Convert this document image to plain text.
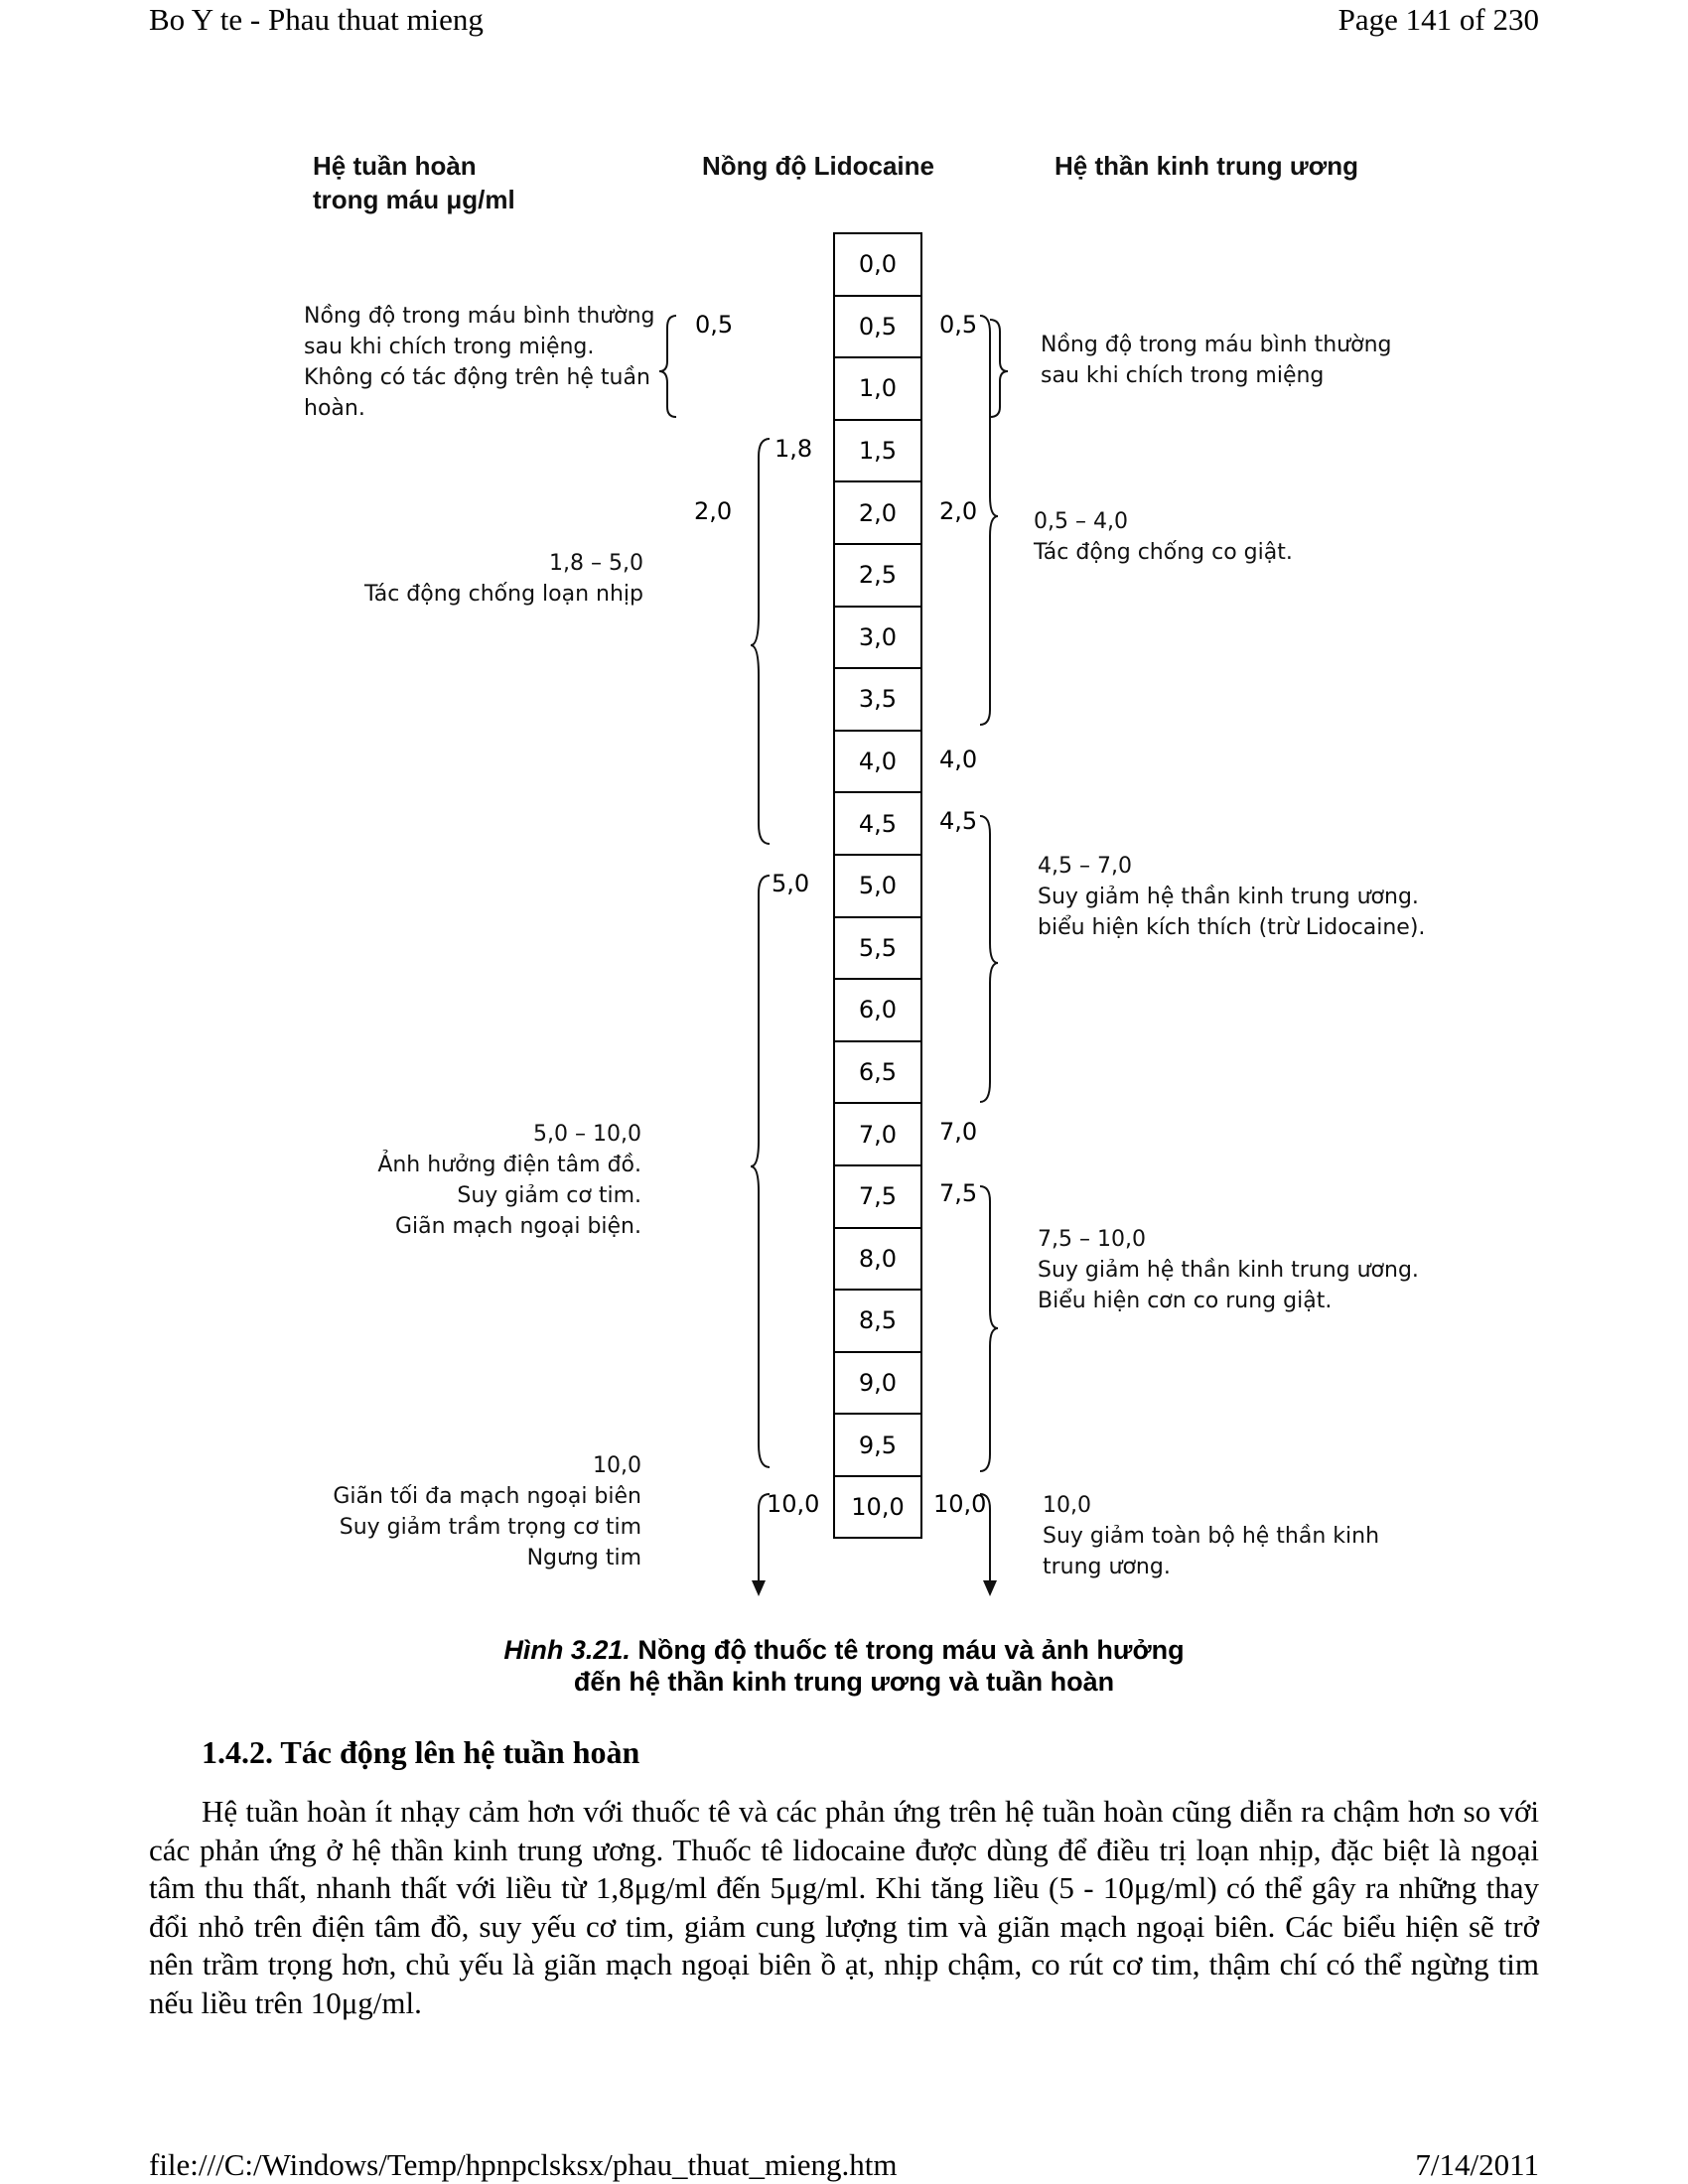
Bo Y te - Phau thuat mieng	Page 141 of 230
Hệ tuần hoàn
trong máu μg/ml
Nồng độ Lidocaine	Hệ thần kinh trung ương
0,0
0,5
1,0
1,5
2,0
2,5
3,0
3,5
4,0
4,5
5,0
5,5
6,0
6,5
7,0
7,5
8,0
8,5
9,0
9,5
10,0
0,5
1,8
2,0
5,0
10,0
0,5
2,0
4,0
4,5
7,0
7,5
10,0
Nồng độ trong máu bình thường
sau khi chích trong miệng.
Không có tác động trên hệ tuần
hoàn.
1,8 – 5,0
Tác động chống loạn nhịp
5,0 – 10,0
Ảnh hưởng điện tâm đồ.
Suy giảm cơ tim.
Giãn mạch ngoại biện.
10,0
Giãn tối đa mạch ngoại biên
Suy giảm trầm trọng cơ tim
Ngưng tim
Nồng độ trong máu bình thường
sau khi chích trong miệng
0,5 – 4,0
Tác động chống co giật.
4,5 – 7,0
Suy giảm hệ thần kinh trung ương.
biểu hiện kích thích (trừ Lidocaine).
7,5 – 10,0
Suy giảm hệ thần kinh trung ương.
Biểu hiện cơn co rung giật.
10,0
Suy giảm toàn bộ hệ thần kinh
trung ương.
Hình 3.21. Nồng độ thuốc tê trong máu và ảnh hưởng
đến hệ thần kinh trung ương và tuần hoàn
1.4.2. Tác động lên hệ tuần hoàn

Hệ tuần hoàn ít nhạy cảm hơn với thuốc tê và các phản ứng trên hệ tuần hoàn cũng diễn ra chậm hơn so với các phản ứng ở hệ thần kinh trung ương. Thuốc tê lidocaine được dùng để điều trị loạn nhịp, đặc biệt là ngoại tâm thu thất, nhanh thất với liều từ 1,8μg/ml đến 5μg/ml. Khi tăng liều (5 - 10μg/ml) có thể gây ra những thay đổi nhỏ trên điện tâm đồ, suy yếu cơ tim, giảm cung lượng tim và giãn mạch ngoại biên. Các biểu hiện sẽ trở nên trầm trọng hơn, chủ yếu là giãn mạch ngoại biên ồ ạt, nhịp chậm, co rút cơ tim, thậm chí có thể ngừng tim nếu liều trên 10μg/ml.

file:///C:/Windows/Temp/hpnpclsksx/phau_thuat_mieng.htm	7/14/2011
